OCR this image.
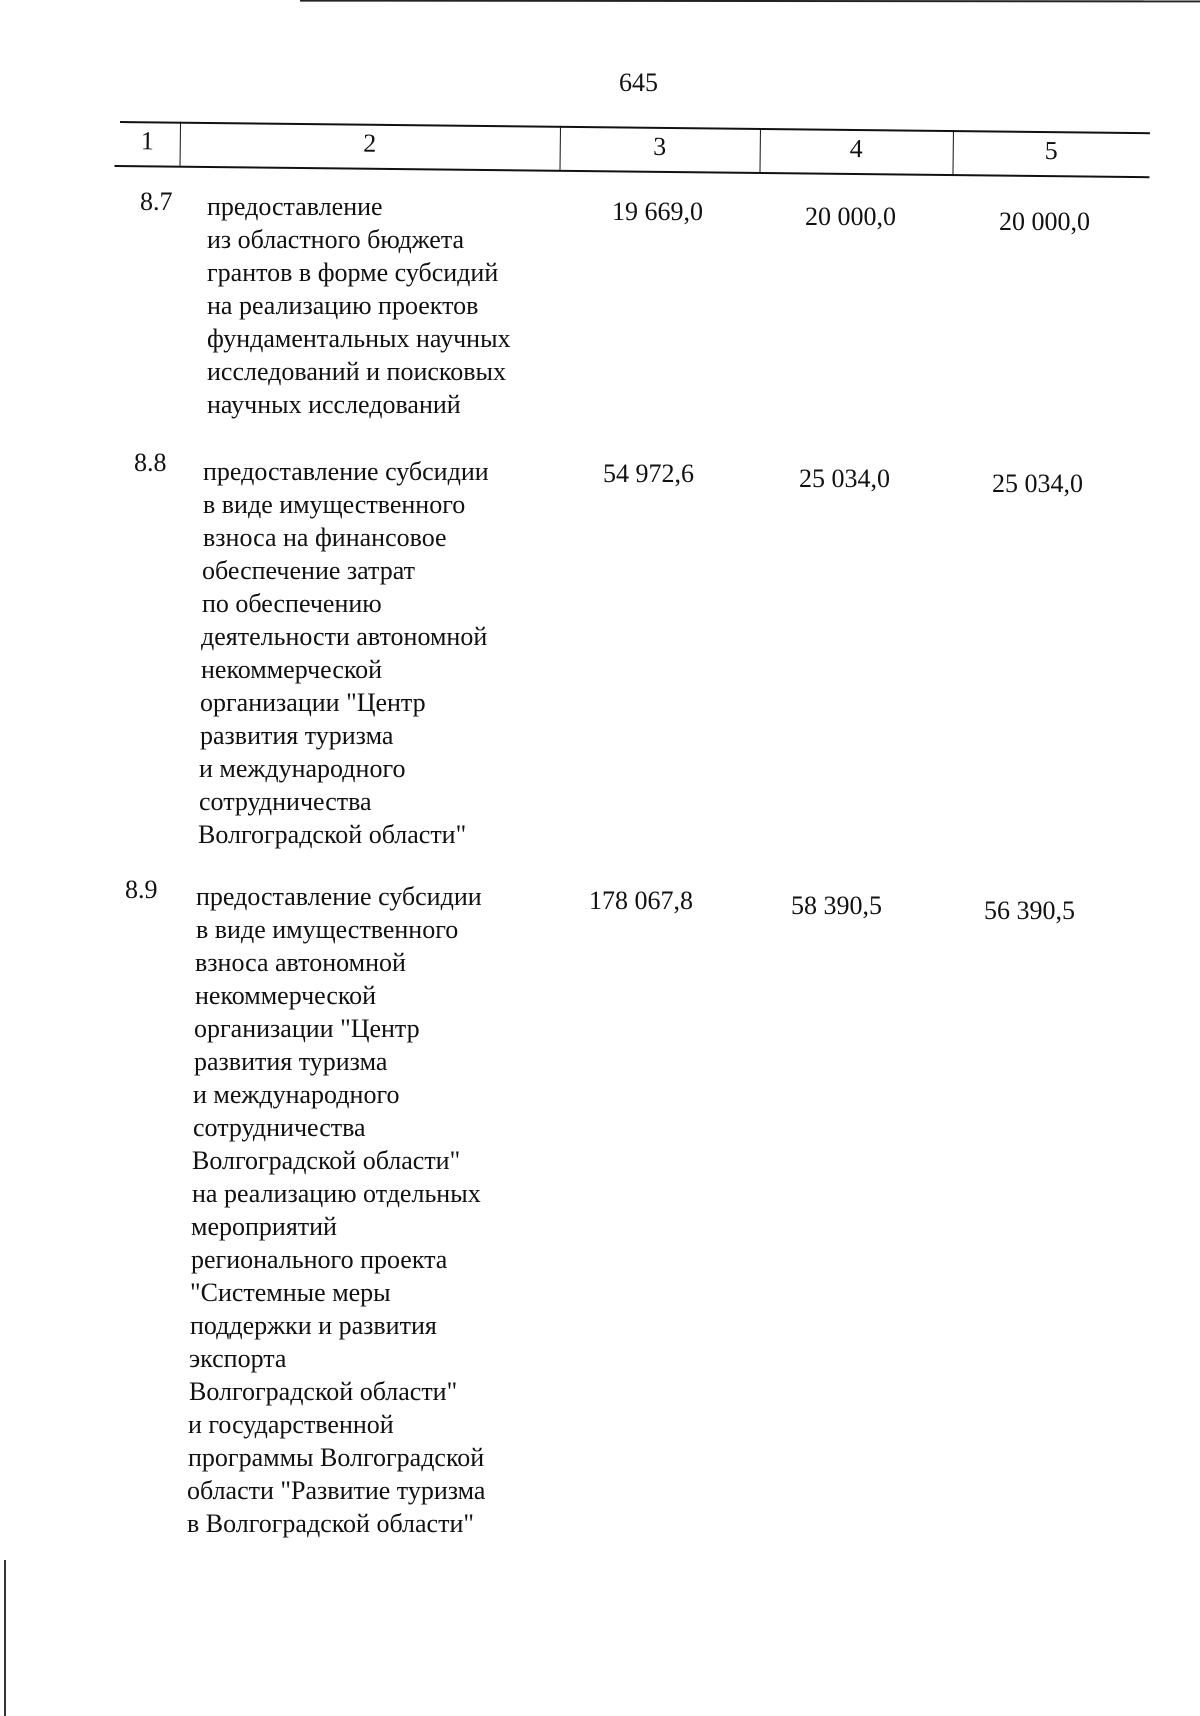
645
1	2	3	4	5
8.7 предоставление
из областного бюджета
грантов в форме субсидий
на реализацию проектов
фундаментальных научных
исследований и поисковых
научных исследований
19 669,0	20 000,0	20 000,0
8.8 предоставление субсидии
в виде имущественного
взноса на финансовое
обеспечение затрат
по обеспечению
деятельности автономной
некоммерческой
организации "Центр
развития туризма
и международного
сотрудничества
Волгоградской области"
54 972,6	25 034,0	25 034,0
8.9 предоставление субсидии
в виде имущественного
взноса автономной
некоммерческой
организации "Центр
развития туризма
и международного
сотрудничества
Волгоградской области"
на реализацию отдельных
мероприятий
регионального проекта
"Системные меры
поддержки и развития
экспорта
Волгоградской области"
и государственной
программы Волгоградской
области "Развитие туризма
в Волгоградской области"
178 067,8	58 390,5	56 390,5
